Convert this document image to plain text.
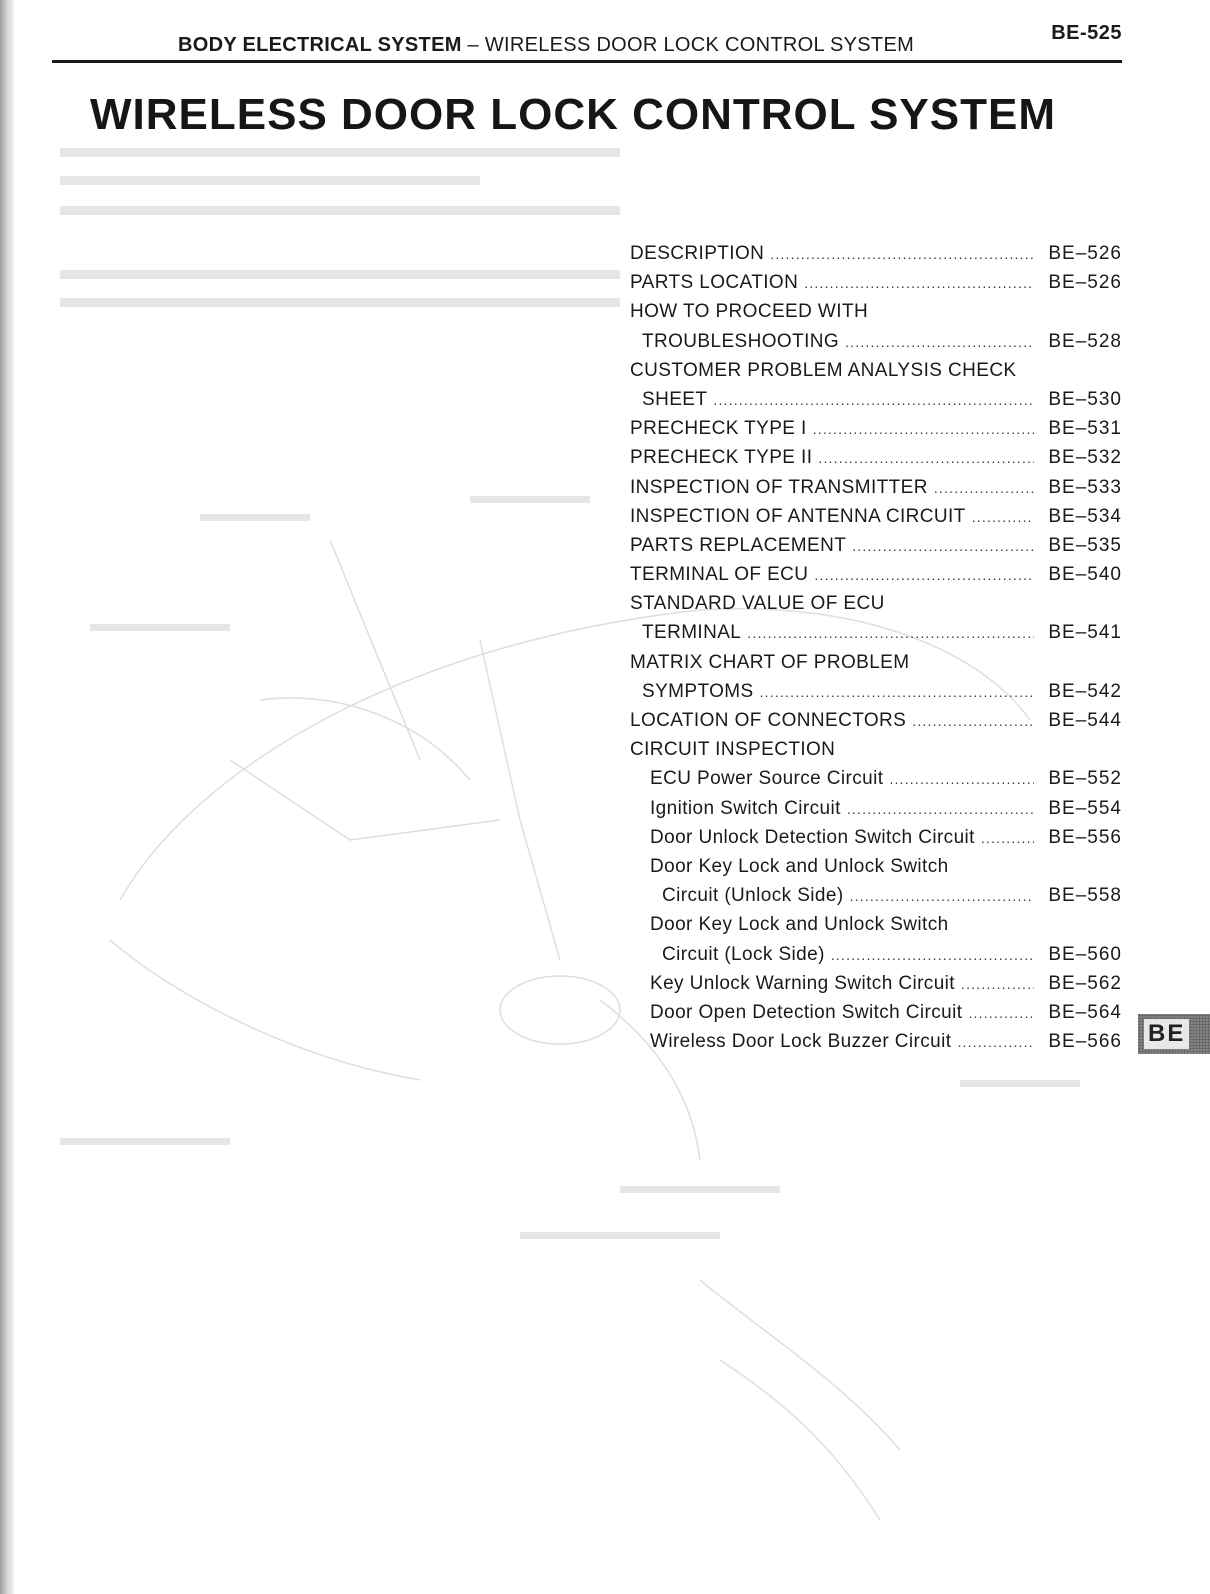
BODY ELECTRICAL SYSTEM – WIRELESS DOOR LOCK CONTROL SYSTEM
BE-525
WIRELESS DOOR LOCK CONTROL SYSTEM
DESCRIPTION .....	BE–526
PARTS LOCATION .....	BE–526
HOW TO PROCEED WITH
TROUBLESHOOTING .....	BE–528
CUSTOMER PROBLEM ANALYSIS CHECK
SHEET .....	BE–530
PRECHECK TYPE I .....	BE–531
PRECHECK TYPE II .....	BE–532
INSPECTION OF TRANSMITTER .....	BE–533
INSPECTION OF ANTENNA CIRCUIT .....	BE–534
PARTS REPLACEMENT .....	BE–535
TERMINAL OF ECU .....	BE–540
STANDARD VALUE OF ECU
TERMINAL .....	BE–541
MATRIX CHART OF PROBLEM
SYMPTOMS .....	BE–542
LOCATION OF CONNECTORS .....	BE–544
CIRCUIT INSPECTION
ECU Power Source Circuit .....	BE–552
Ignition Switch Circuit .....	BE–554
Door Unlock Detection Switch Circuit .....	BE–556
Door Key Lock and Unlock Switch
Circuit (Unlock Side) .....	BE–558
Door Key Lock and Unlock Switch
Circuit (Lock Side) .....	BE–560
Key Unlock Warning Switch Circuit .....	BE–562
Door Open Detection Switch Circuit .....	BE–564
Wireless Door Lock Buzzer Circuit .....	BE–566 BE
